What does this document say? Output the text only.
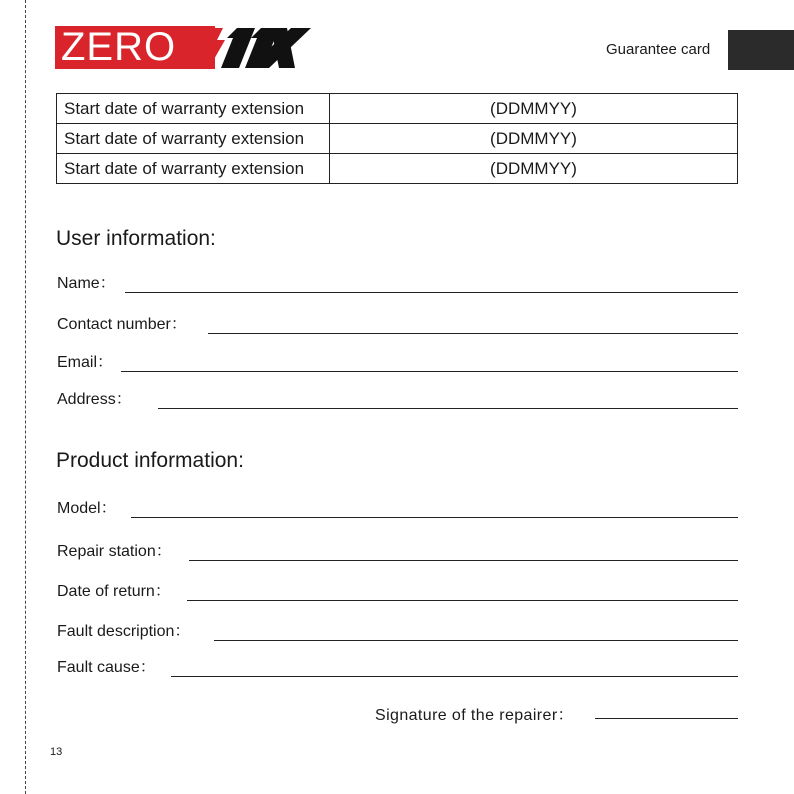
ZERO	Guarantee card
Start date of warranty extension	(DDMMYY)
Start date of warranty extension	(DDMMYY)
Start date of warranty extension	(DDMMYY)
User information:
Name：
Contact number：
Email：
Address：
Product information:
Model：
Repair station：
Date of return：
Fault description：
Fault cause：
Signature of the repairer：
13
